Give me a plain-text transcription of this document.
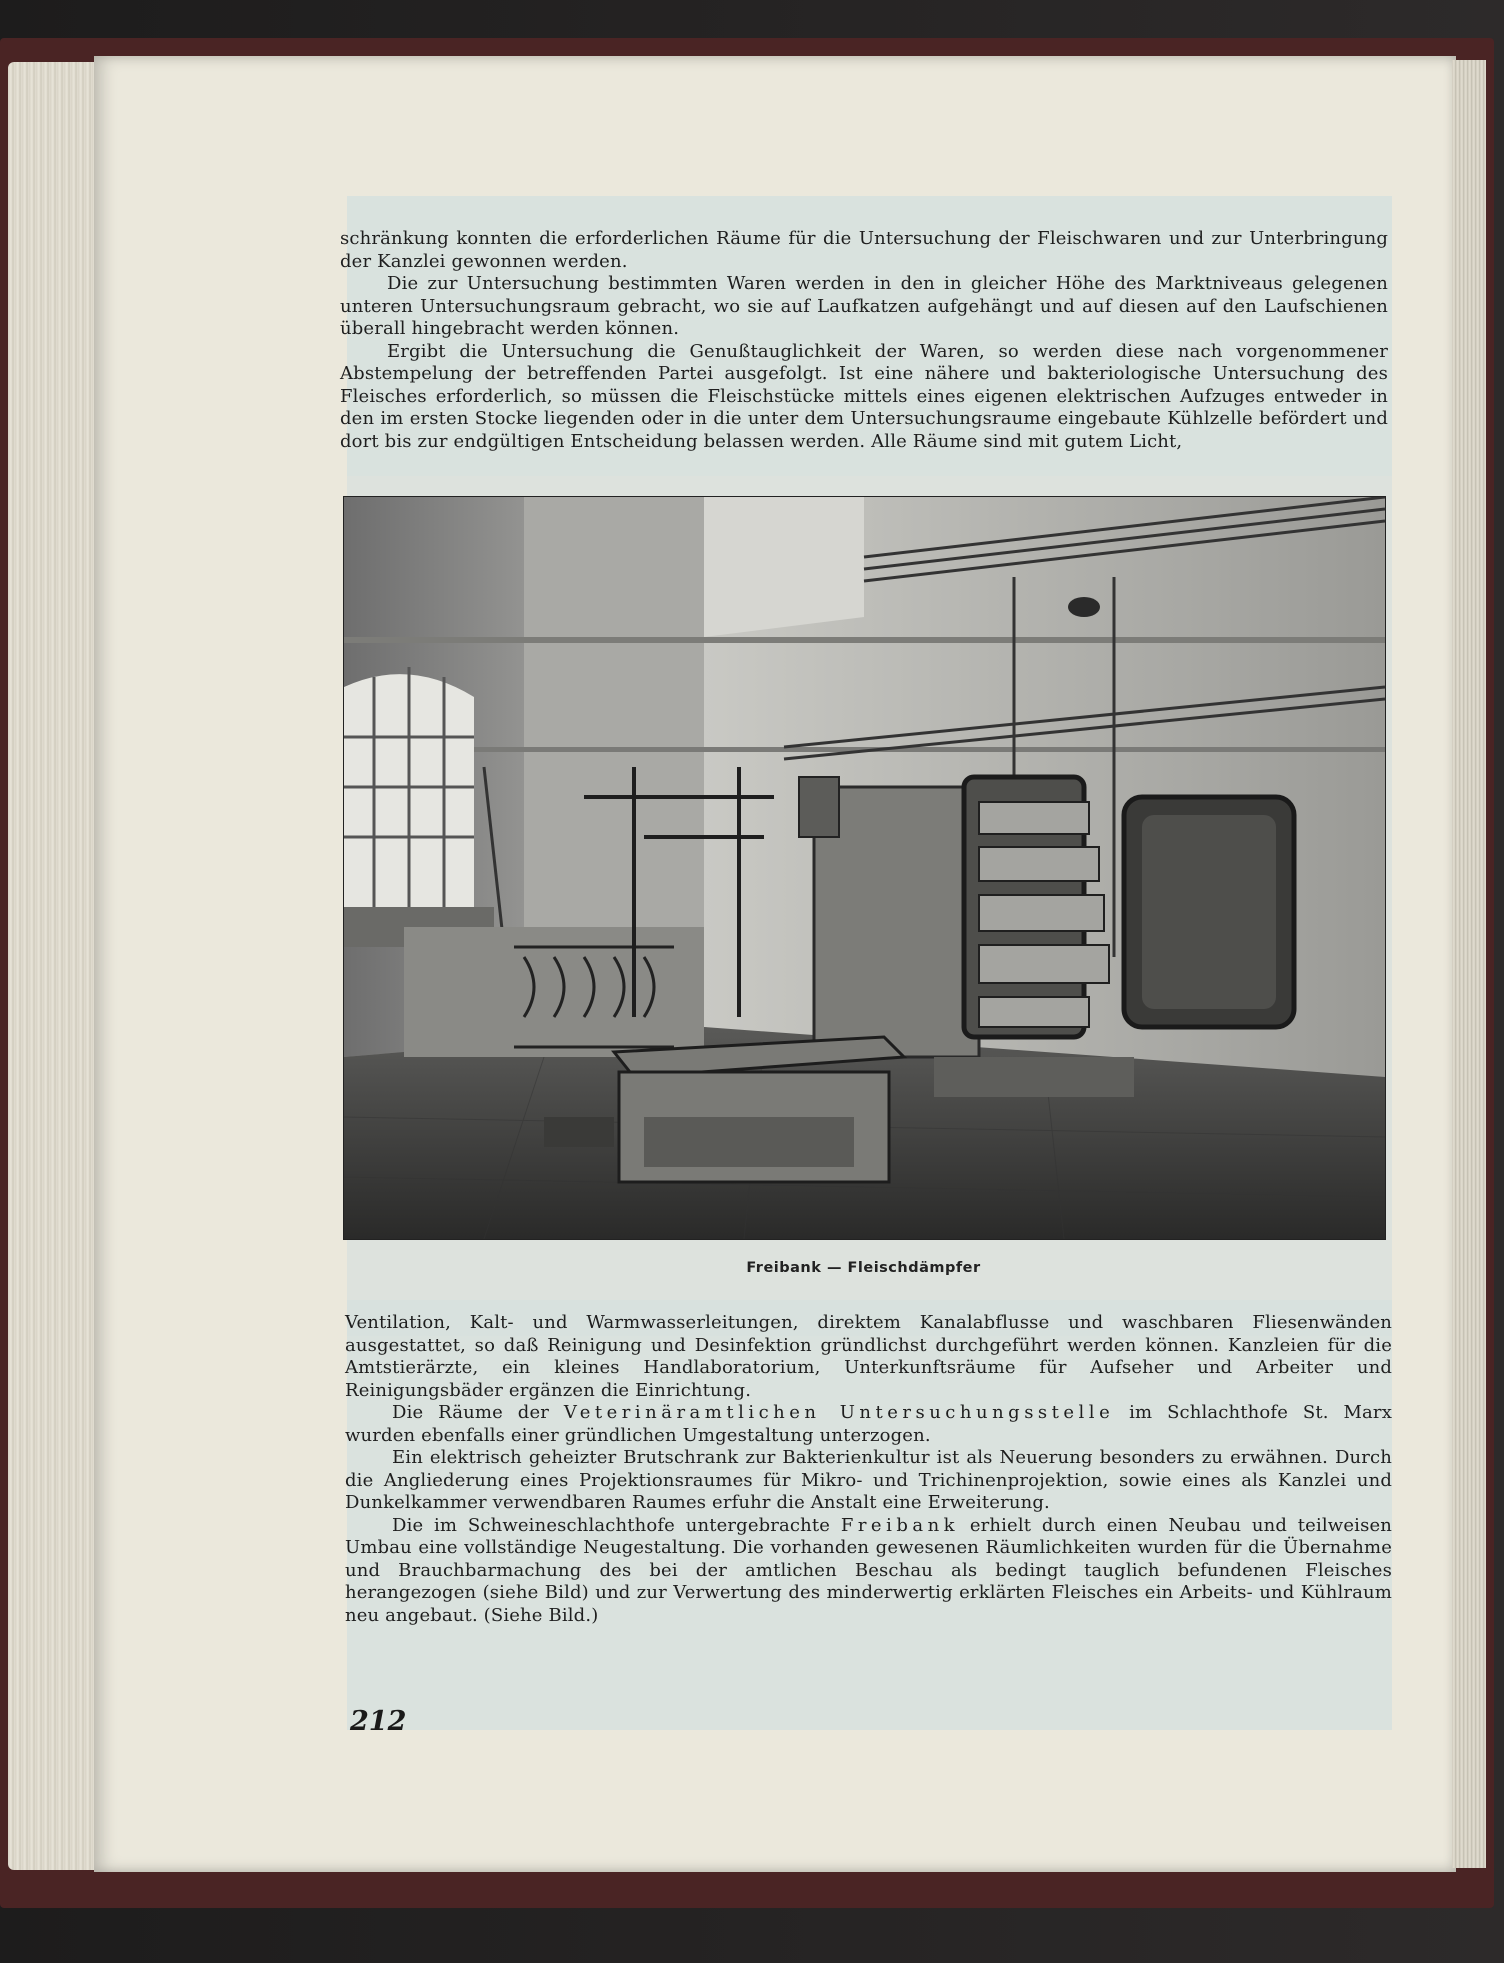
schränkung konnten die erforderlichen Räume für die Untersuchung der Fleischwaren und zur Unterbringung der Kanzlei gewonnen werden.

Die zur Untersuchung bestimmten Waren werden in den in gleicher Höhe des Marktniveaus gelegenen unteren Untersuchungsraum gebracht, wo sie auf Laufkatzen aufgehängt und auf diesen auf den Laufschienen überall hingebracht werden können.

Ergibt die Untersuchung die Genußtauglichkeit der Waren, so werden diese nach vorgenommener Abstempelung der betreffenden Partei ausgefolgt. Ist eine nähere und bakteriologische Untersuchung des Fleisches erforderlich, so müssen die Fleischstücke mittels eines eigenen elektrischen Aufzuges entweder in den im ersten Stocke liegenden oder in die unter dem Untersuchungsraume eingebaute Kühlzelle befördert und dort bis zur endgültigen Entscheidung belassen werden. Alle Räume sind mit gutem Licht,

Freibank — Fleischdämpfer

Ventilation, Kalt- und Warmwasserleitungen, direktem Kanalabflusse und waschbaren Fliesenwänden ausgestattet, so daß Reinigung und Desinfektion gründlichst durchgeführt werden können. Kanzleien für die Amtstierärzte, ein kleines Handlaboratorium, Unterkunftsräume für Aufseher und Arbeiter und Reinigungsbäder ergänzen die Einrichtung.

Die Räume der Veterinäramtlichen Untersuchungsstelle im Schlachthofe St. Marx wurden ebenfalls einer gründlichen Umgestaltung unterzogen.

Ein elektrisch geheizter Brutschrank zur Bakterienkultur ist als Neuerung besonders zu erwähnen. Durch die Angliederung eines Projektionsraumes für Mikro- und Trichinenprojektion, sowie eines als Kanzlei und Dunkelkammer verwendbaren Raumes erfuhr die Anstalt eine Erweiterung.

Die im Schweineschlachthofe untergebrachte Freibank erhielt durch einen Neubau und teilweisen Umbau eine vollständige Neugestaltung. Die vorhanden gewesenen Räumlichkeiten wurden für die Übernahme und Brauchbarmachung des bei der amtlichen Beschau als bedingt tauglich befundenen Fleisches herangezogen (siehe Bild) und zur Verwertung des minderwertig erklärten Fleisches ein Arbeits- und Kühlraum neu angebaut. (Siehe Bild.)

212
